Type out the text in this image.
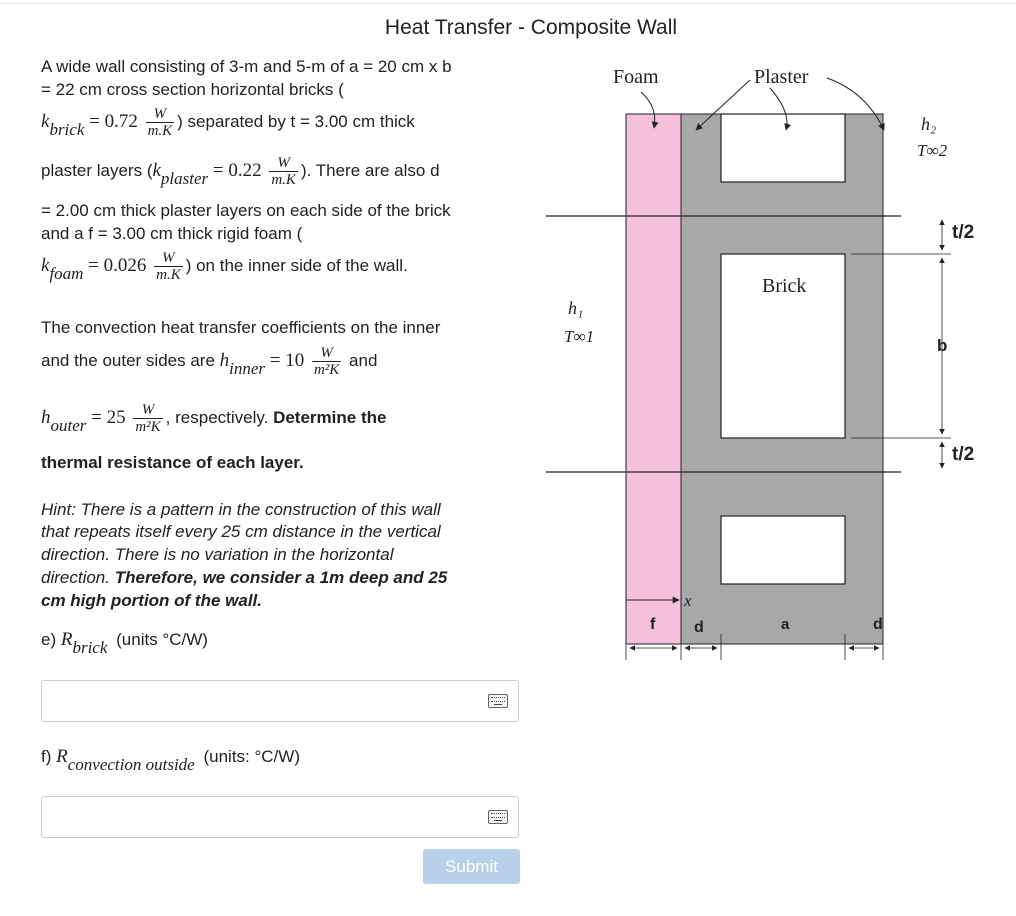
Heat Transfer - Composite Wall
A wide wall consisting of 3-m and 5-m of a = 20 cm x b
= 22 cm cross section horizontal bricks (
kbrick = $0.72 \frac{W}{m.K}$ ) separated by t = 3.00 cm thick
plaster layers (kplaster = $0.22 \frac{W}{m.K}$ ). There are also d
= 2.00 cm thick plaster layers on each side of the brick
and a f = 3.00 cm thick rigid foam (
kfoam = $0.026 \frac{W}{m.K}$ ) on the inner side of the wall.
The convection heat transfer coefficients on the inner
and the outer sides are hinner = $10 \frac{W}{\text{m²K}}$ and
houter = $25 \frac{W}{\text{m²K}}$ , respectively. Determine the
thermal resistance of each layer.
Hint: There is a pattern in the construction of this wall
that repeats itself every 25 cm distance in the vertical
direction. There is no variation in the horizontal
direction. Therefore, we consider a 1m deep and 25
cm high portion of the wall.
e) Rbrick (units °C/W)
f) Rconvection outside (units: °C/W)
Submit
Foam	Plaster
Brick
h₂
T∞2
h₁
T∞1
t/2
b
t/2
x
f d	a	d
